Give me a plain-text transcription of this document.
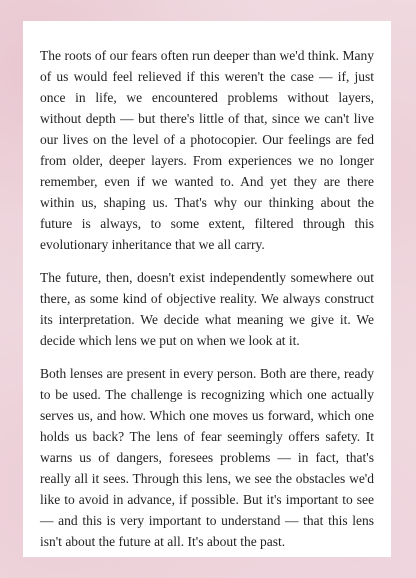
The roots of our fears often run deeper than we'd think. Many of us would feel relieved if this weren't the case — if, just once in life, we encountered problems without layers, without depth — but there's little of that, since we can't live our lives on the level of a photocopier. Our feelings are fed from older, deeper layers. From experiences we no longer remember, even if we wanted to. And yet they are there within us, shaping us. That's why our thinking about the future is always, to some extent, filtered through this evolutionary inheritance that we all carry.

The future, then, doesn't exist independently somewhere out there, as some kind of objective reality. We always construct its interpretation. We decide what meaning we give it. We decide which lens we put on when we look at it.

Both lenses are present in every person. Both are there, ready to be used. The challenge is recognizing which one actually serves us, and how. Which one moves us forward, which one holds us back? The lens of fear seemingly offers safety. It warns us of dangers, foresees problems — in fact, that's really all it sees. Through this lens, we see the obstacles we'd like to avoid in advance, if possible. But it's important to see — and this is very important to understand — that this lens isn't about the future at all. It's about the past.
